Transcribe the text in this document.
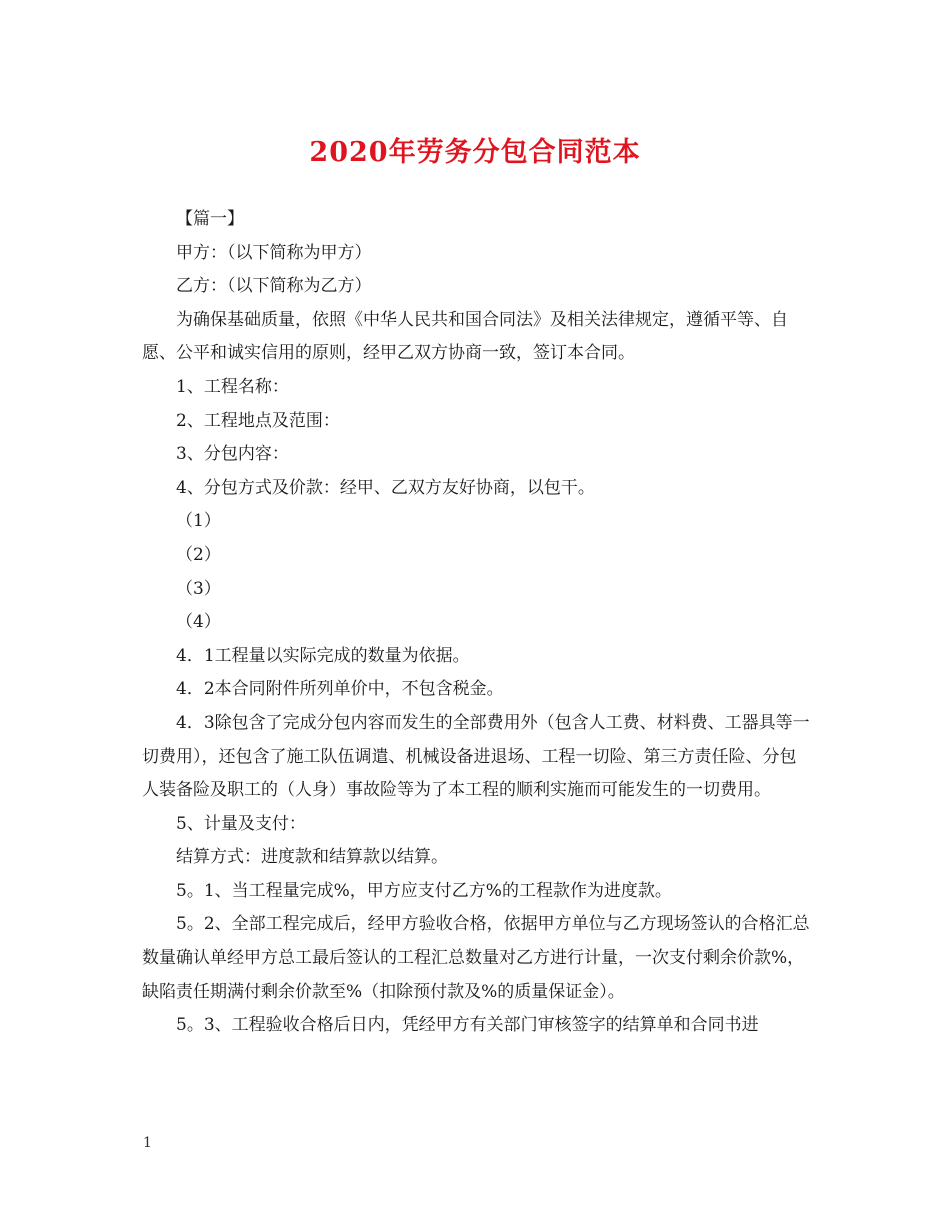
2020年劳务分包合同范本

【篇一】

甲方：（以下简称为甲方）

乙方：（以下简称为乙方）

为确保基础质量，依照《中华人民共和国合同法》及相关法律规定，遵循平等、自愿、公平和诚实信用的原则，经甲乙双方协商一致，签订本合同。

1、工程名称：

2、工程地点及范围：

3、分包内容：

4、分包方式及价款：经甲、乙双方友好协商，以包干。

（1）

（2）

（3）

（4）

4．1工程量以实际完成的数量为依据。

4．2本合同附件所列单价中，不包含税金。

4．3除包含了完成分包内容而发生的全部费用外（包含人工费、材料费、工器具等一切费用），还包含了施工队伍调遣、机械设备进退场、工程一切险、第三方责任险、分包人装备险及职工的（人身）事故险等为了本工程的顺利实施而可能发生的一切费用。

5、计量及支付：

结算方式：进度款和结算款以结算。

5。1、当工程量完成%，甲方应支付乙方%的工程款作为进度款。

5。2、全部工程完成后，经甲方验收合格，依据甲方单位与乙方现场签认的合格汇总数量确认单经甲方总工最后签认的工程汇总数量对乙方进行计量，一次支付剩余价款%，缺陷责任期满付剩余价款至%（扣除预付款及%的质量保证金）。

5。3、工程验收合格后日内，凭经甲方有关部门审核签字的结算单和合同书进

1
